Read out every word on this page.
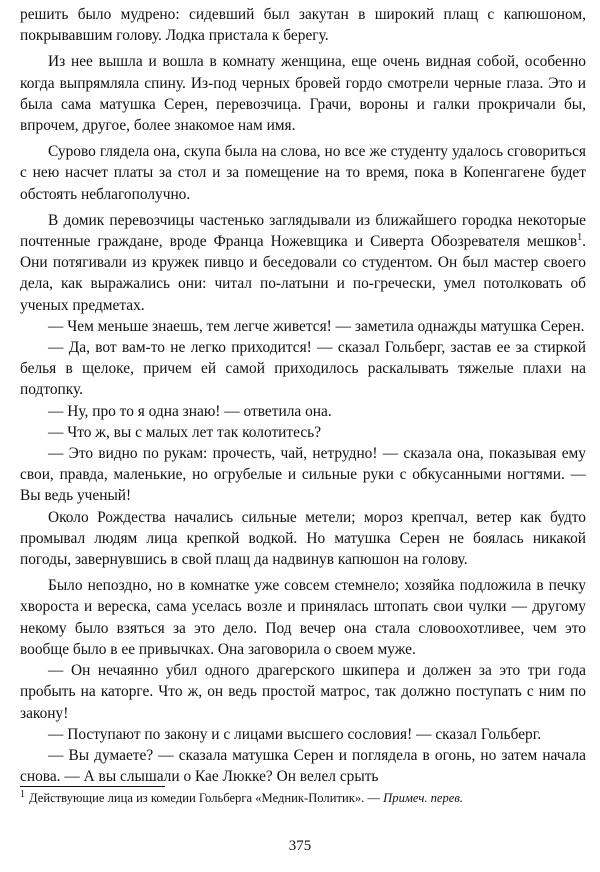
решить было мудрено: сидевший был закутан в широкий плащ с капюшоном, покрывавшим голову. Лодка пристала к берегу.

Из нее вышла и вошла в комнату женщина, еще очень видная собой, особенно когда выпрямляла спину. Из-под черных бровей гордо смотрели черные глаза. Это и была сама матушка Серен, перевозчица. Грачи, вороны и галки прокричали бы, впрочем, другое, более знакомое нам имя.

Сурово глядела она, скупа была на слова, но все же студенту удалось сговориться с нею насчет платы за стол и за помещение на то время, пока в Копенгагене будет обстоять неблагополучно.

В домик перевозчицы частенько заглядывали из ближайшего городка некоторые почтенные граждане, вроде Франца Ножевщика и Сиверта Обозревателя мешков$^1$. Они потягивали из кружек пивцо и беседовали со студентом. Он был мастер своего дела, как выражались они: читал по-латыни и по-гречески, умел потолковать об ученых предметах.

— Чем меньше знаешь, тем легче живется! — заметила однажды матушка Серен.

— Да, вот вам-то не легко приходится! — сказал Гольберг, застав ее за стиркой белья в щелоке, причем ей самой приходилось раскалывать тяжелые плахи на подтопку.

— Ну, про то я одна знаю! — ответила она.

— Что ж, вы с малых лет так колотитесь?

— Это видно по рукам: прочесть, чай, нетрудно! — сказала она, показывая ему свои, правда, маленькие, но огрубелые и сильные руки с обкусанными ногтями. — Вы ведь ученый!

Около Рождества начались сильные метели; мороз крепчал, ветер как будто промывал людям лица крепкой водкой. Но матушка Серен не боялась никакой погоды, завернувшись в свой плащ да надвинув капюшон на голову.

Было непоздно, но в комнатке уже совсем стемнело; хозяйка подложила в печку хвороста и вереска, сама уселась возле и принялась штопать свои чулки — другому некому было взяться за это дело. Под вечер она стала словоохотливее, чем это вообще было в ее привычках. Она заговорила о своем муже.

— Он нечаянно убил одного драгерского шкипера и должен за это три года пробыть на каторге. Что ж, он ведь простой матрос, так должно поступать с ним по закону!

— Поступают по закону и с лицами высшего сословия! — сказал Гольберг.

— Вы думаете? — сказала матушка Серен и поглядела в огонь, но затем начала снова. — А вы слышали о Кае Люкке? Он велел срыть

$^1$ Действующие лица из комедии Гольберга «Медник-Политик». — Примеч. перев.
375
